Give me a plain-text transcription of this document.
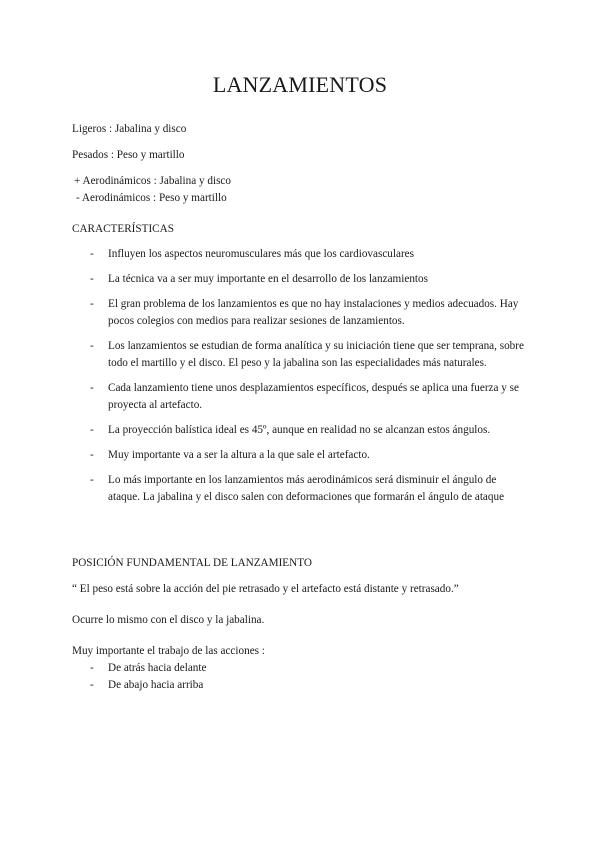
LANZAMIENTOS
Ligeros : Jabalina y disco
Pesados : Peso y martillo
+ Aerodinámicos : Jabalina y disco
- Aerodinámicos : Peso y martillo
CARACTERÍSTICAS
- Influyen los aspectos neuromusculares más que los cardiovasculares
- La técnica va a ser muy importante en el desarrollo de los lanzamientos
- El gran problema de los lanzamientos es que no hay instalaciones y medios adecuados. Hay pocos colegios con medios para realizar sesiones de lanzamientos.
- Los lanzamientos se estudian de forma analítica y su iniciación tiene que ser temprana, sobre todo el martillo y el disco. El peso y la jabalina son las especialidades más naturales.
- Cada lanzamiento tiene unos desplazamientos específicos, después se aplica una fuerza y se proyecta al artefacto.
- La proyección balística ideal es 45º, aunque en realidad no se alcanzan estos ángulos.
- Muy importante va a ser la altura a la que sale el artefacto.
- Lo más importante en los lanzamientos más aerodinámicos será disminuir el ángulo de ataque. La jabalina y el disco salen con deformaciones que formarán el ángulo de ataque
POSICIÓN FUNDAMENTAL DE LANZAMIENTO
“ El peso está sobre la acción del pie retrasado y el artefacto está distante y retrasado.”
Ocurre lo mismo con el disco y la jabalina.
Muy importante el trabajo de las acciones :
- De atrás hacia delante
- De abajo hacia arriba
